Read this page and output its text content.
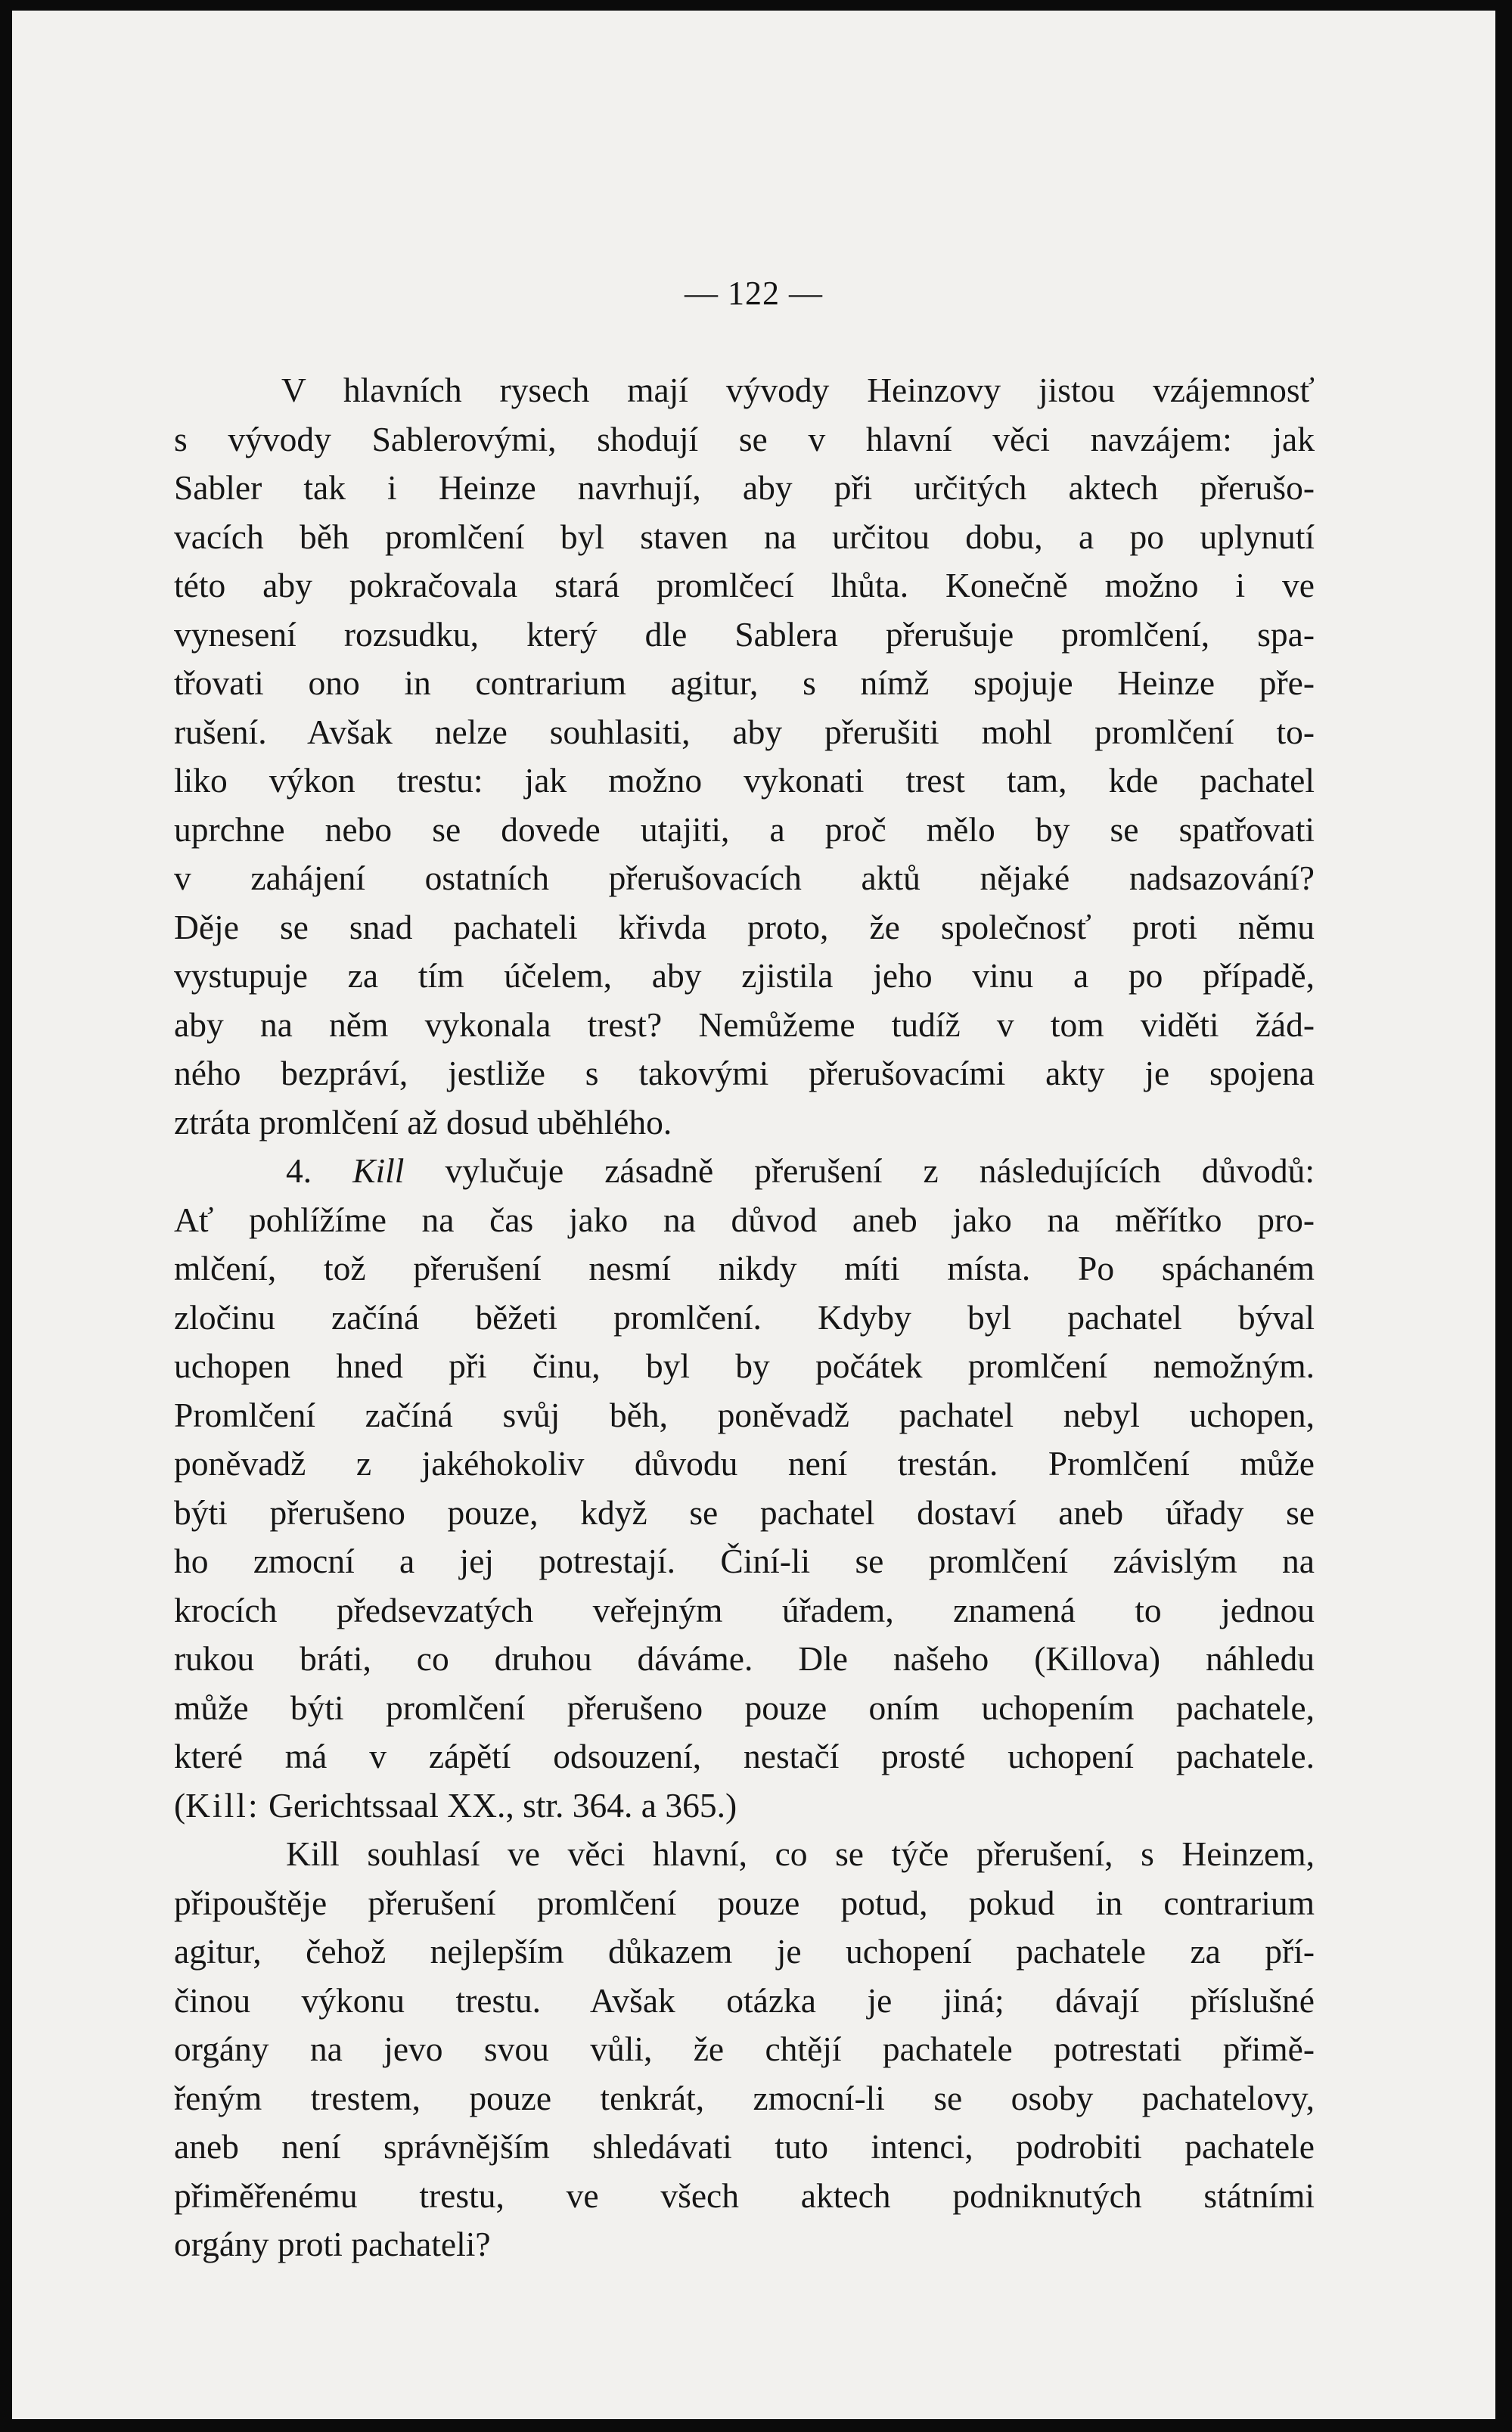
— 122 —
V hlavních rysech mají vývody Heinzovy jistou vzájemnosť
s vývody Sablerovými, shodují se v hlavní věci navzájem: jak
Sabler tak i Heinze navrhují, aby při určitých aktech přerušo-
vacích běh promlčení byl staven na určitou dobu, a po uplynutí
této aby pokračovala stará promlčecí lhůta. Konečně možno i ve
vynesení rozsudku, který dle Sablera přerušuje promlčení, spa-
třovati ono in contrarium agitur, s nímž spojuje Heinze pře-
rušení. Avšak nelze souhlasiti, aby přerušiti mohl promlčení to-
liko výkon trestu: jak možno vykonati trest tam, kde pachatel
uprchne nebo se dovede utajiti, a proč mělo by se spatřovati
v zahájení ostatních přerušovacích aktů nějaké nadsazování?
Děje se snad pachateli křivda proto, že společnosť proti němu
vystupuje za tím účelem, aby zjistila jeho vinu a po případě,
aby na něm vykonala trest? Nemůžeme tudíž v tom viděti žád-
ného bezpráví, jestliže s takovými přerušovacími akty je spojena
ztráta promlčení až dosud uběhlého.
4. Kill vylučuje zásadně přerušení z následujících důvodů:
Ať pohlížíme na čas jako na důvod aneb jako na měřítko pro-
mlčení, tož přerušení nesmí nikdy míti místa. Po spáchaném
zločinu začíná běžeti promlčení. Kdyby byl pachatel býval
uchopen hned při činu, byl by počátek promlčení nemožným.
Promlčení začíná svůj běh, poněvadž pachatel nebyl uchopen,
poněvadž z jakéhokoliv důvodu není trestán. Promlčení může
býti přerušeno pouze, když se pachatel dostaví aneb úřady se
ho zmocní a jej potrestají. Činí-li se promlčení závislým na
krocích předsevzatých veřejným úřadem, znamená to jednou
rukou bráti, co druhou dáváme. Dle našeho (Killova) náhledu
může býti promlčení přerušeno pouze oním uchopením pachatele,
které má v zápětí odsouzení, nestačí prosté uchopení pachatele.
(Kill: Gerichtssaal XX., str. 364. a 365.)
Kill souhlasí ve věci hlavní, co se týče přerušení, s Heinzem,
připouštěje přerušení promlčení pouze potud, pokud in contrarium
agitur, čehož nejlepším důkazem je uchopení pachatele za pří-
činou výkonu trestu. Avšak otázka je jiná; dávají příslušné
orgány na jevo svou vůli, že chtějí pachatele potrestati přimě-
řeným trestem, pouze tenkrát, zmocní-li se osoby pachatelovy,
aneb není správnějším shledávati tuto intenci, podrobiti pachatele
přiměřenému trestu, ve všech aktech podniknutých státními
orgány proti pachateli?
